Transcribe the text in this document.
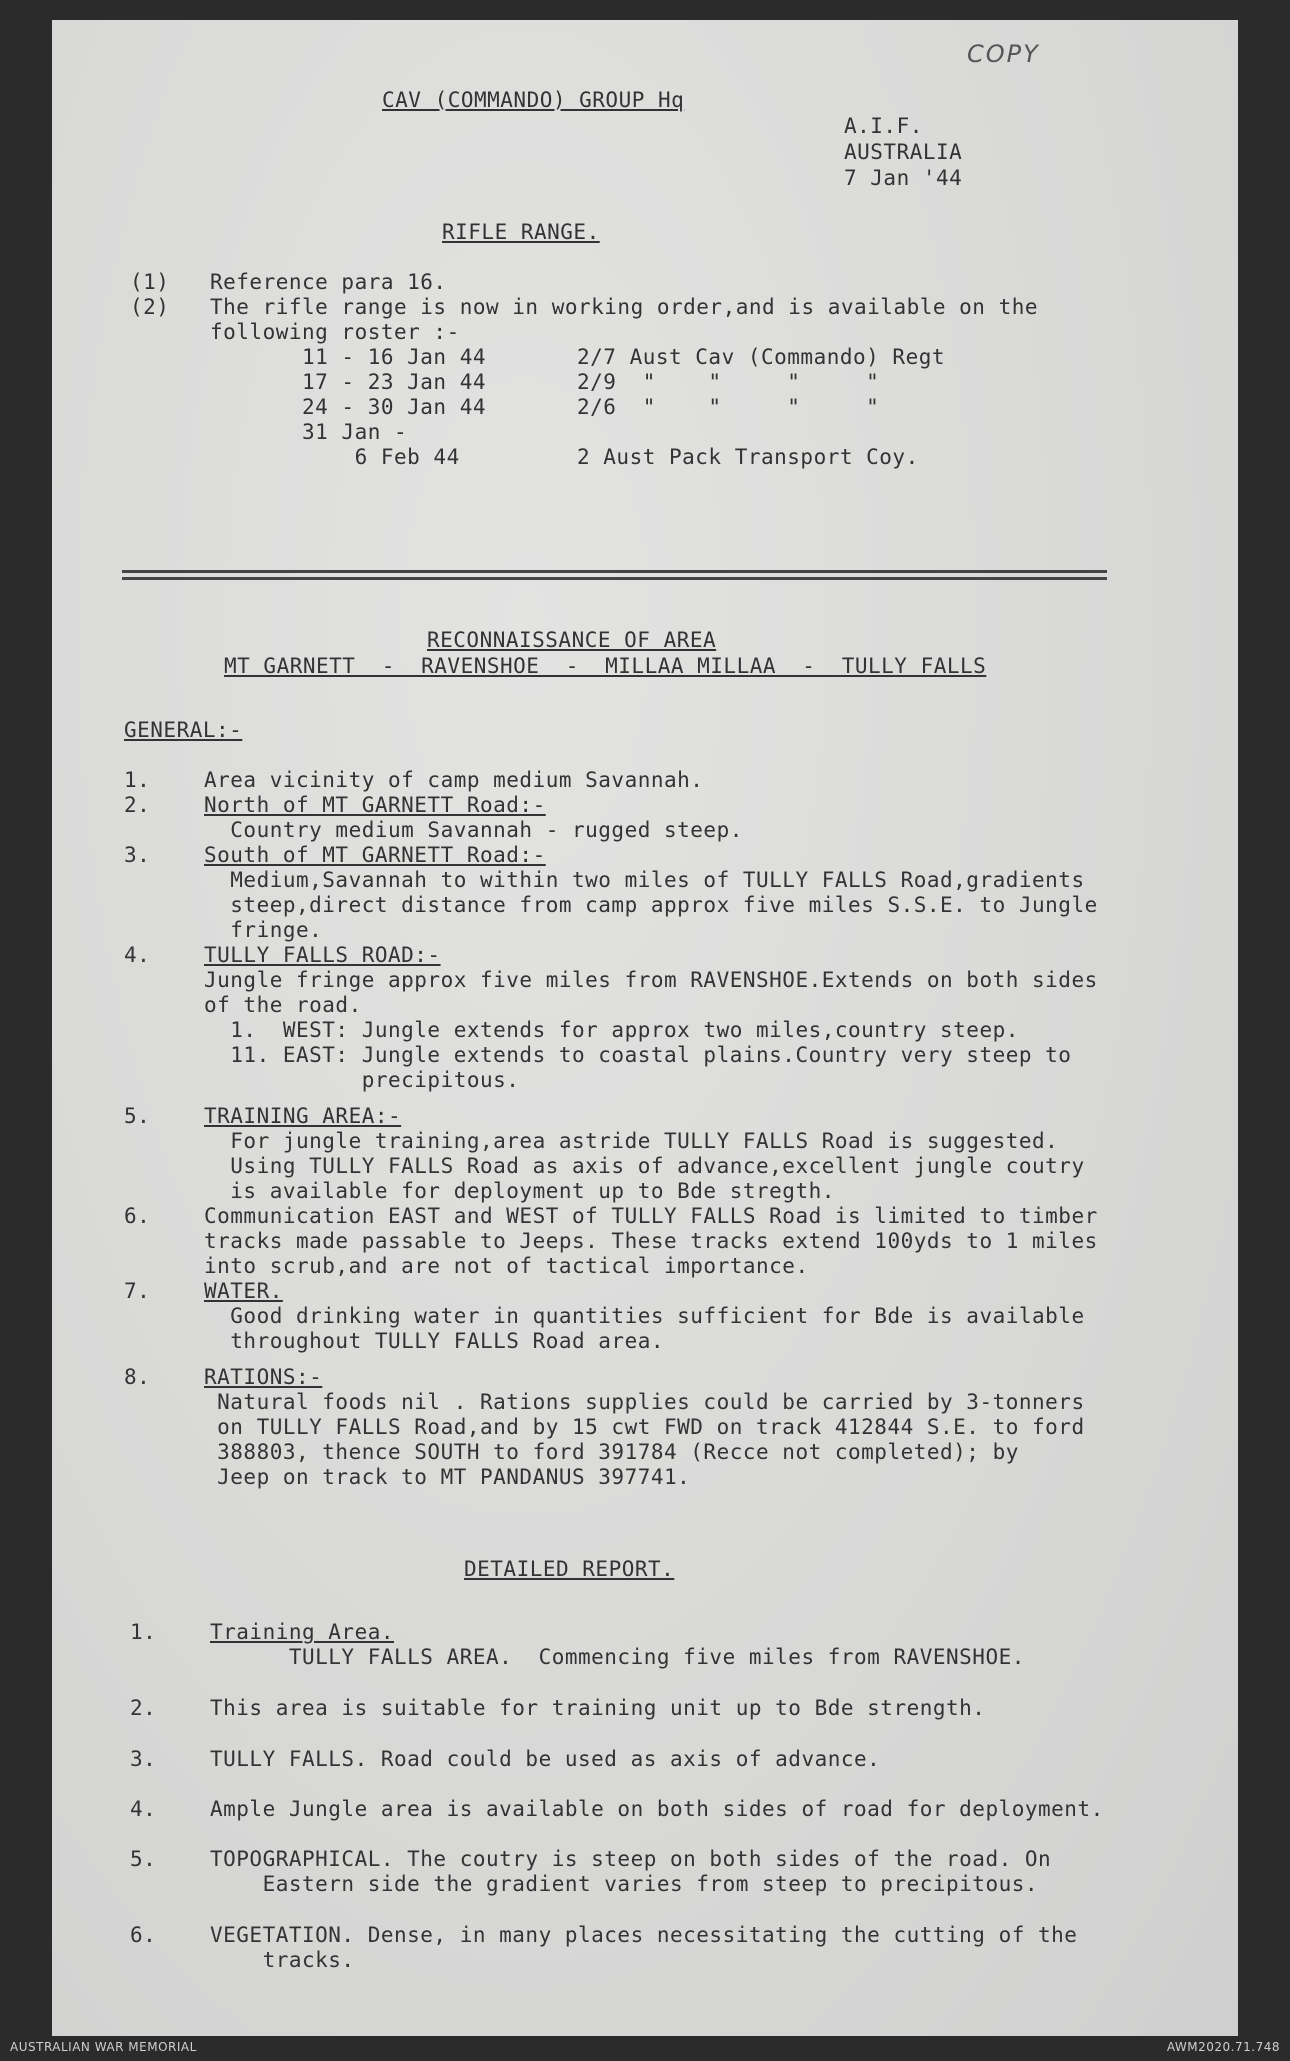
COPY
CAV (COMMANDO) GROUP Hq
A.I.F.
AUSTRALIA
7 Jan '44
RIFLE RANGE.
(1) Reference para 16.
(2) The rifle range is now in working order,and is available on the
following roster :-
11 - 16 Jan 44	2/7 Aust Cav (Commando) Regt
17 - 23 Jan 44	2/9  "    "     "     "
24 - 30 Jan 44	2/6  "    "     "     "
31 Jan -
6 Feb 44	2 Aust Pack Transport Coy.
RECONNAISSANCE OF AREA
MT GARNETT  -  RAVENSHOE  -  MILLAA MILLAA  -  TULLY FALLS
GENERAL:-
1.	Area vicinity of camp medium Savannah.
2.	North of MT GARNETT Road:-
Country medium Savannah - rugged steep.
3.	South of MT GARNETT Road:-
Medium,Savannah to within two miles of TULLY FALLS Road,gradients
steep,direct distance from camp approx five miles S.S.E. to Jungle
fringe.
4.	TULLY FALLS ROAD:-
Jungle fringe approx five miles from RAVENSHOE.Extends on both sides
of the road.
1.  WEST: Jungle extends for approx two miles,country steep.
11. EAST: Jungle extends to coastal plains.Country very steep to
precipitous.
5.	TRAINING AREA:-
For jungle training,area astride TULLY FALLS Road is suggested.
Using TULLY FALLS Road as axis of advance,excellent jungle coutry
is available for deployment up to Bde stregth.
6.	Communication EAST and WEST of TULLY FALLS Road is limited to timber
tracks made passable to Jeeps. These tracks extend 100yds to 1 miles
into scrub,and are not of tactical importance.
7.	WATER.
Good drinking water in quantities sufficient for Bde is available
throughout TULLY FALLS Road area.
8.	RATIONS:-
Natural foods nil . Rations supplies could be carried by 3-tonners
on TULLY FALLS Road,and by 15 cwt FWD on track 412844 S.E. to ford
388803, thence SOUTH to ford 391784 (Recce not completed); by
Jeep on track to MT PANDANUS 397741.
DETAILED REPORT.
1.	Training Area.
TULLY FALLS AREA.  Commencing five miles from RAVENSHOE.
2.	This area is suitable for training unit up to Bde strength.
3.	TULLY FALLS. Road could be used as axis of advance.
4.	Ample Jungle area is available on both sides of road for deployment.
5.	TOPOGRAPHICAL. The coutry is steep on both sides of the road. On
Eastern side the gradient varies from steep to precipitous.
6.	VEGETATION. Dense, in many places necessitating the cutting of the
tracks.
AUSTRALIAN WAR MEMORIAL	AWM2020.71.748
